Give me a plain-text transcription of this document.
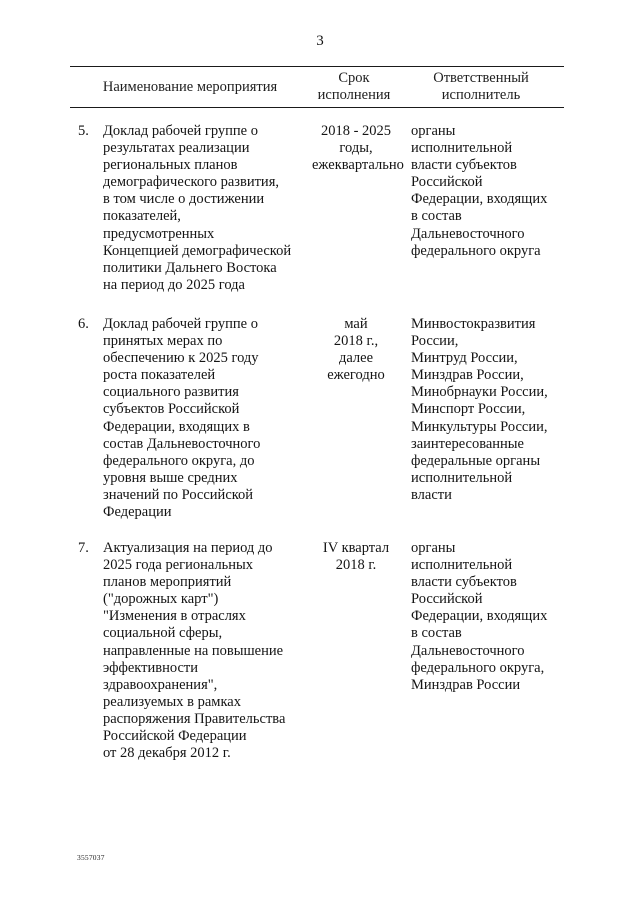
3
Наименование мероприятия
Срок
исполнения
Ответственный
исполнитель
5. Доклад рабочей группе о
результатах реализации
региональных планов
демографического развития,
в том числе о достижении
показателей,
предусмотренных
Концепцией демографической
политики Дальнего Востока
на период до 2025 года
2018 - 2025
годы,
ежеквартально
органы
исполнительной
власти субъектов
Российской
Федерации, входящих
в состав
Дальневосточного
федерального округа
6. Доклад рабочей группе о
принятых мерах по
обеспечению к 2025 году
роста показателей
социального развития
субъектов Российской
Федерации, входящих в
состав Дальневосточного
федерального округа, до
уровня выше средних
значений по Российской
Федерации
май
2018 г.,
далее
ежегодно
Минвостокразвития
России,
Минтруд России,
Минздрав России,
Минобрнауки России,
Минспорт России,
Минкультуры России,
заинтересованные
федеральные органы
исполнительной
власти
7. Актуализация на период до
2025 года региональных
планов мероприятий
("дорожных карт")
"Изменения в отраслях
социальной сферы,
направленные на повышение
эффективности
здравоохранения",
реализуемых в рамках
распоряжения Правительства
Российской Федерации
от 28 декабря 2012 г.
IV квартал
2018 г.
органы
исполнительной
власти субъектов
Российской
Федерации, входящих
в состав
Дальневосточного
федерального округа,
Минздрав России
3557037
